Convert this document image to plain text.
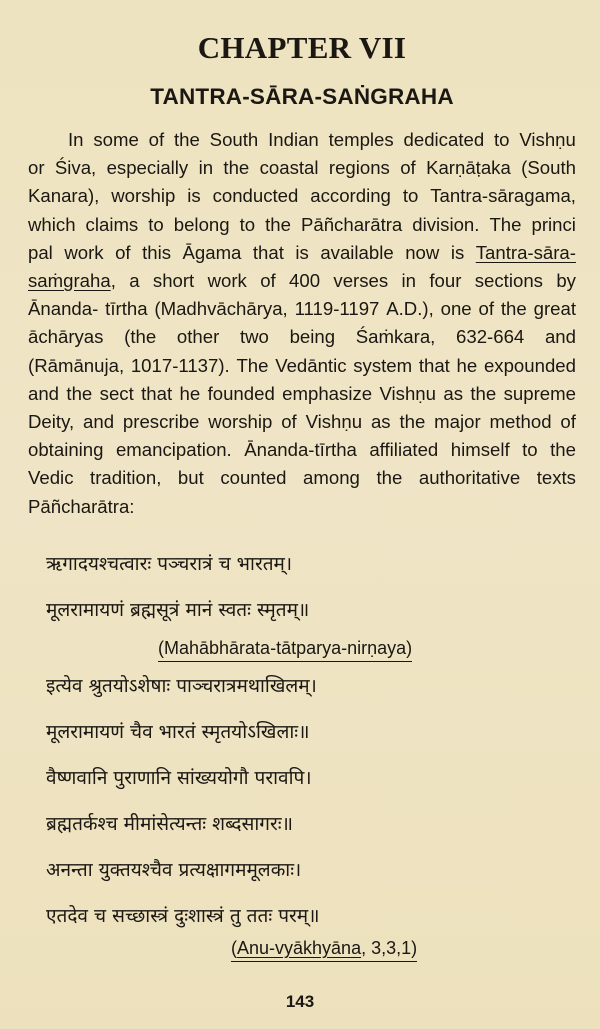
CHAPTER VII
TANTRA-SĀRA-SAṄGRAHA
In some of the South Indian temples dedicated to Vishṇu
or Śiva, especially in the coastal regions of Karṇāṭaka (South
Kanara), worship is conducted according to Tantra-sāragama,
which claims to belong to the Pāñcharātra division. The princi
pal work of this Āgama that is available now is Tantra-sāra-
saṁgraha, a short work of 400 verses in four sections by
Ānanda- tīrtha (Madhvāchārya, 1119-1197 A.D.), one of the great
āchāryas (the other two being Śaṁkara, 632-664 and
(Rāmānuja, 1017-1137). The Vedāntic system that he expounded
and the sect that he founded emphasize Vishṇu as the supreme
Deity, and prescribe worship of Vishṇu as the major method of
obtaining emancipation. Ānanda-tīrtha affiliated himself to the
Vedic tradition, but counted among the authoritative texts
Pāñcharātra:
ऋगादयश्चत्वारः पञ्चरात्रं च भारतम्।
मूलरामायणं ब्रह्मसूत्रं मानं स्वतः स्मृतम्॥
(Mahābhārata-tātparya-nirṇaya)
इत्येव श्रुतयोऽशेषाः पाञ्चरात्रमथाखिलम्।
मूलरामायणं चैव भारतं स्मृतयोऽखिलाः॥
वैष्णवानि पुराणानि सांख्ययोगौ परावपि।
ब्रह्मतर्कश्च मीमांसेत्यन्तः शब्दसागरः॥
अनन्ता युक्तयश्चैव प्रत्यक्षागममूलकाः।
एतदेव च सच्छास्त्रं दुःशास्त्रं तु ततः परम्॥
(Anu-vyākhyāna, 3,3,1)
143
